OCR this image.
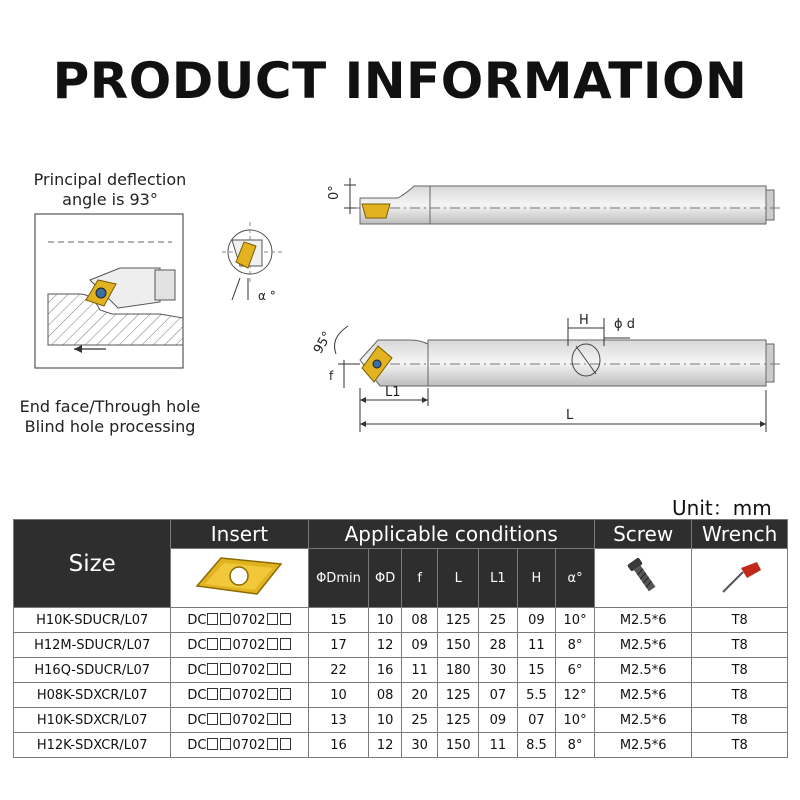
PRODUCT INFORMATION
Principal deflection
angle is 93°
End face/Through hole
Blind hole processing
α °
0°
H ϕ d
95°
f
L1
L
Unit：mm
Size	Insert	Applicable conditions							Screw	Wrench

		ΦDmin	ΦD	f	L	L1	H	α°		
H10K-SDUCR/L07	DC 0702	15	10	08	125	25	09	10°	M2.5*6	T8
H12M-SDUCR/L07	DC 0702	17	12	09	150	28	11	8°	M2.5*6	T8
H16Q-SDUCR/L07	DC 0702	22	16	11	180	30	15	6°	M2.5*6	T8
H08K-SDXCR/L07	DC 0702	10	08	20	125	07	5.5	12°	M2.5*6	T8
H10K-SDXCR/L07	DC 0702	13	10	25	125	09	07	10°	M2.5*6	T8
H12K-SDXCR/L07	DC 0702	16	12	30	150	11	8.5	8°	M2.5*6	T8
